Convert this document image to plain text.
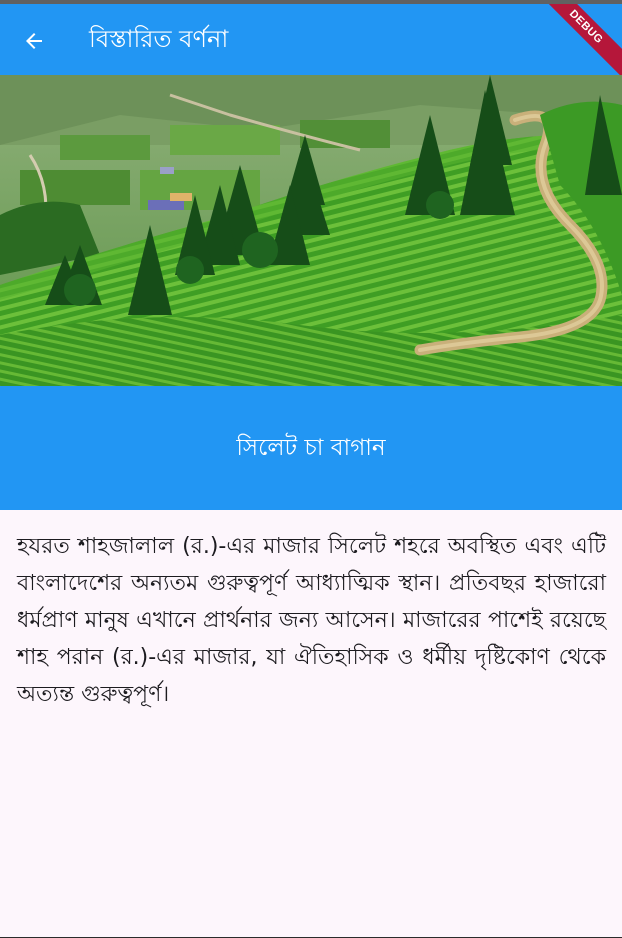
বিস্তারিত বর্ণনা	DEBUG
সিলেট চা বাগান
হযরত শাহজালাল (র.)-এর মাজার সিলেট শহরে অবস্থিত এবং এটি বাংলাদেশের অন্যতম গুরুত্বপূর্ণ আধ্যাত্মিক স্থান। প্রতিবছর হাজারো ধর্মপ্রাণ মানুষ এখানে প্রার্থনার জন্য আসেন। মাজারের পাশেই রয়েছে শাহ পরান (র.)-এর মাজার, যা ঐতিহাসিক ও ধর্মীয় দৃষ্টিকোণ থেকে অত্যন্ত গুরুত্বপূর্ণ।
